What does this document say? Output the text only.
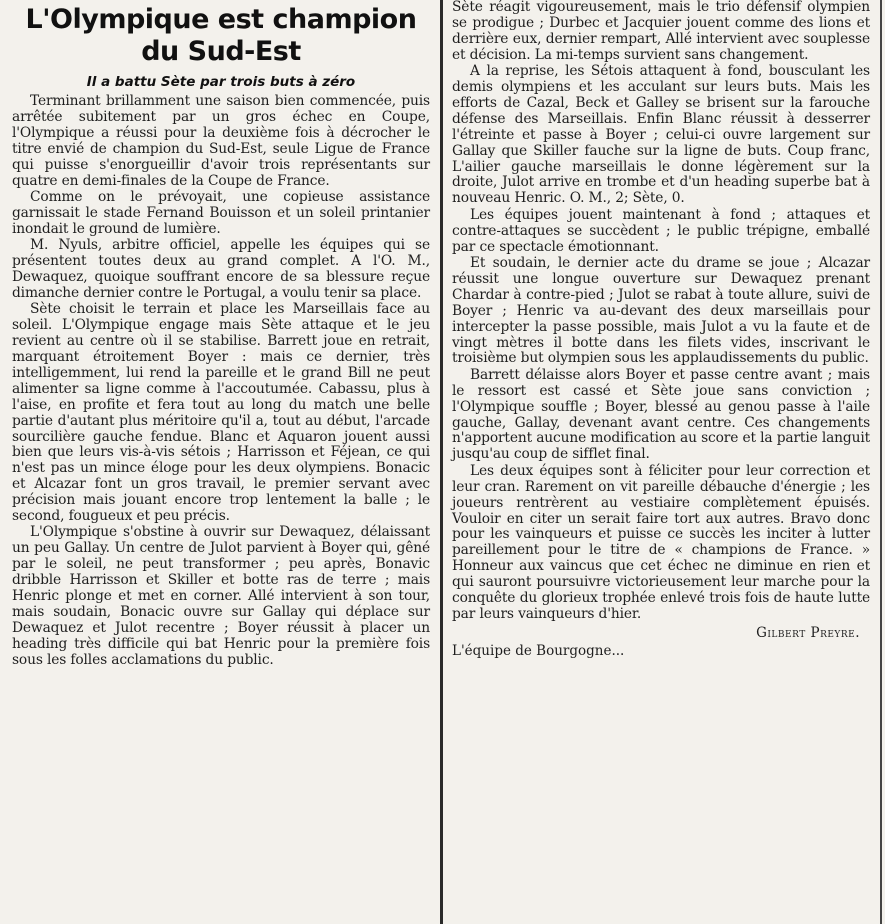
L'Olympique est champion du Sud-Est
Il a battu Sète par trois buts à zéro

Terminant brillamment une saison bien commencée, puis arrêtée subitement par un gros échec en Coupe, l'Olympique a réussi pour la deuxième fois à décrocher le titre envié de champion du Sud-Est, seule Ligue de France qui puisse s'enorgueillir d'avoir trois représentants sur quatre en demi-finales de la Coupe de France.

Comme on le prévoyait, une copieuse assistance garnissait le stade Fernand Bouisson et un soleil printanier inondait le ground de lumière.

M. Nyuls, arbitre officiel, appelle les équipes qui se présentent toutes deux au grand complet. A l'O. M., Dewaquez, quoique souffrant encore de sa blessure reçue dimanche dernier contre le Portugal, a voulu tenir sa place.

Sète choisit le terrain et place les Marseillais face au soleil. L'Olympique engage mais Sète attaque et le jeu revient au centre où il se stabilise. Barrett joue en retrait, marquant étroitement Boyer : mais ce dernier, très intelligemment, lui rend la pareille et le grand Bill ne peut alimenter sa ligne comme à l'accoutumée. Cabassu, plus à l'aise, en profite et fera tout au long du match une belle partie d'autant plus méritoire qu'il a, tout au début, l'arcade sourcilière gauche fendue. Blanc et Aquaron jouent aussi bien que leurs vis-à-vis sétois ; Harrisson et Féjean, ce qui n'est pas un mince éloge pour les deux olympiens. Bonacic et Alcazar font un gros travail, le premier servant avec précision mais jouant encore trop lentement la balle ; le second, fougueux et peu précis.

L'Olympique s'obstine à ouvrir sur Dewaquez, délaissant un peu Gallay. Un centre de Julot parvient à Boyer qui, gêné par le soleil, ne peut transformer ; peu après, Bonavic dribble Harrisson et Skiller et botte ras de terre ; mais Henric plonge et met en corner. Allé intervient à son tour, mais soudain, Bonacic ouvre sur Gallay qui déplace sur Dewaquez et Julot recentre ; Boyer réussit à placer un heading très difficile qui bat Henric pour la première fois sous les folles acclamations du public.

Sète réagit vigoureusement, mais le trio défensif olympien se prodigue ; Durbec et Jacquier jouent comme des lions et derrière eux, dernier rempart, Allé intervient avec souplesse et décision. La mi-temps survient sans changement.

A la reprise, les Sétois attaquent à fond, bousculant les demis olympiens et les acculant sur leurs buts. Mais les efforts de Cazal, Beck et Galley se brisent sur la farouche défense des Marseillais. Enfin Blanc réussit à desserrer l'étreinte et passe à Boyer ; celui-ci ouvre largement sur Gallay que Skiller fauche sur la ligne de buts. Coup franc, L'ailier gauche marseillais le donne légèrement sur la droite, Julot arrive en trombe et d'un heading superbe bat à nouveau Henric. O. M., 2; Sète, 0.

Les équipes jouent maintenant à fond ; attaques et contre-attaques se succèdent ; le public trépigne, emballé par ce spectacle émotionnant.

Et soudain, le dernier acte du drame se joue ; Alcazar réussit une longue ouverture sur Dewaquez prenant Chardar à contre-pied ; Julot se rabat à toute allure, suivi de Boyer ; Henric va au-devant des deux marseillais pour intercepter la passe possible, mais Julot a vu la faute et de vingt mètres il botte dans les filets vides, inscrivant le troisième but olympien sous les applaudissements du public.

Barrett délaisse alors Boyer et passe centre avant ; mais le ressort est cassé et Sète joue sans conviction ; l'Olympique souffle ; Boyer, blessé au genou passe à l'aile gauche, Gallay, devenant avant centre. Ces changements n'apportent aucune modification au score et la partie languit jusqu'au coup de sifflet final.

Les deux équipes sont à féliciter pour leur correction et leur cran. Rarement on vit pareille débauche d'énergie ; les joueurs rentrèrent au vestiaire complètement épuisés. Vouloir en citer un serait faire tort aux autres. Bravo donc pour les vainqueurs et puisse ce succès les inciter à lutter pareillement pour le titre de « champions de France. » Honneur aux vaincus que cet échec ne diminue en rien et qui sauront poursuivre victorieusement leur marche pour la conquête du glorieux trophée enlevé trois fois de haute lutte par leurs vainqueurs d'hier.

Gilbert Preyre.
L'équipe de Bourgogne...
